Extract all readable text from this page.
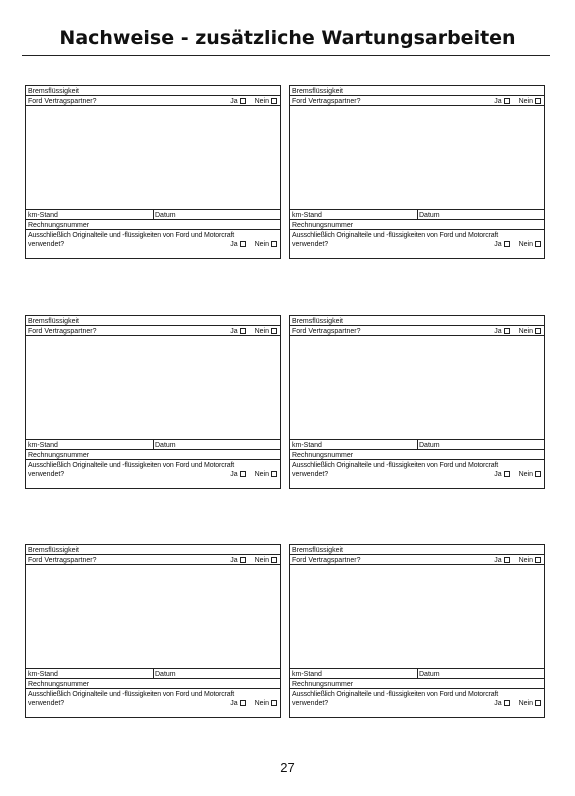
Nachweise - zusätzliche Wartungsarbeiten
Bremsflüssigkeit
Ford Vertragspartner?	Ja Nein
km-Stand	Datum
Rechnungsnummer
Ausschließlich Originalteile und -flüssigkeiten von Ford und Motorcraft
verwendet?	Ja Nein
Bremsflüssigkeit
Ford Vertragspartner?	Ja Nein
km-Stand	Datum
Rechnungsnummer
Ausschließlich Originalteile und -flüssigkeiten von Ford und Motorcraft
verwendet?	Ja Nein
Bremsflüssigkeit
Ford Vertragspartner?	Ja Nein
km-Stand	Datum
Rechnungsnummer
Ausschließlich Originalteile und -flüssigkeiten von Ford und Motorcraft
verwendet?	Ja Nein
Bremsflüssigkeit
Ford Vertragspartner?	Ja Nein
km-Stand	Datum
Rechnungsnummer
Ausschließlich Originalteile und -flüssigkeiten von Ford und Motorcraft
verwendet?	Ja Nein
Bremsflüssigkeit
Ford Vertragspartner?	Ja Nein
km-Stand	Datum
Rechnungsnummer
Ausschließlich Originalteile und -flüssigkeiten von Ford und Motorcraft
verwendet?	Ja Nein
Bremsflüssigkeit
Ford Vertragspartner?	Ja Nein
km-Stand	Datum
Rechnungsnummer
Ausschließlich Originalteile und -flüssigkeiten von Ford und Motorcraft
verwendet?	Ja Nein
27
